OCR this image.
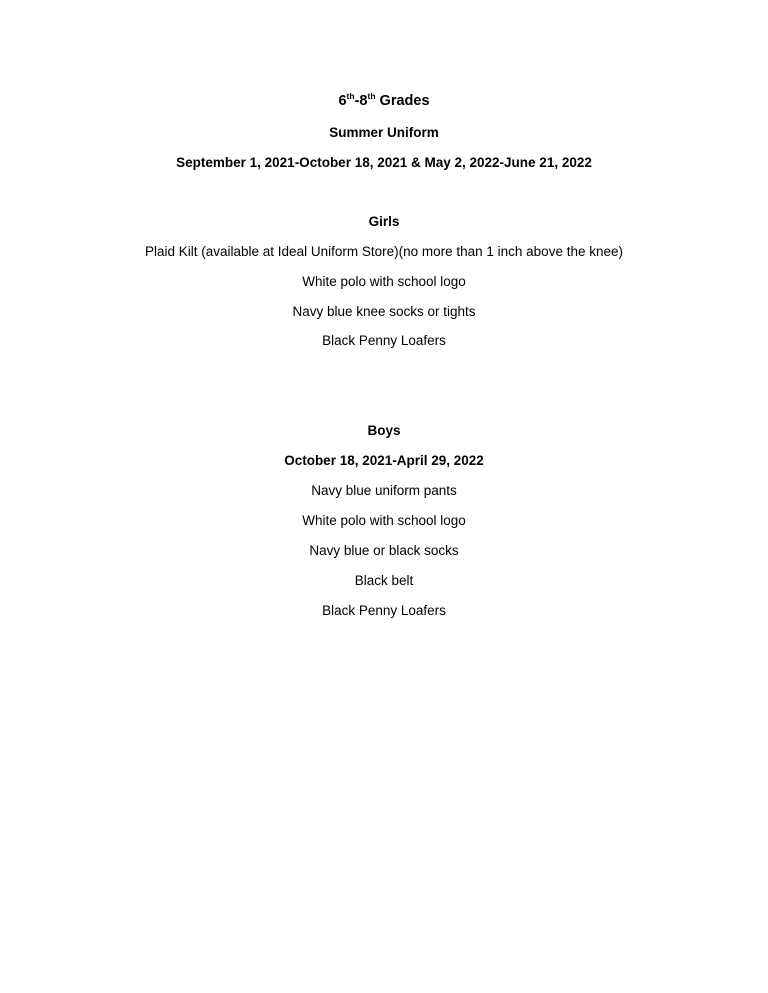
6th-8th Grades
Summer Uniform
September 1, 2021-October 18, 2021 & May 2, 2022-June 21, 2022
Girls
Plaid Kilt (available at Ideal Uniform Store)(no more than 1 inch above the knee)
White polo with school logo
Navy blue knee socks or tights
Black Penny Loafers
Boys
October 18, 2021-April 29, 2022
Navy blue uniform pants
White polo with school logo
Navy blue or black socks
Black belt
Black Penny Loafers
